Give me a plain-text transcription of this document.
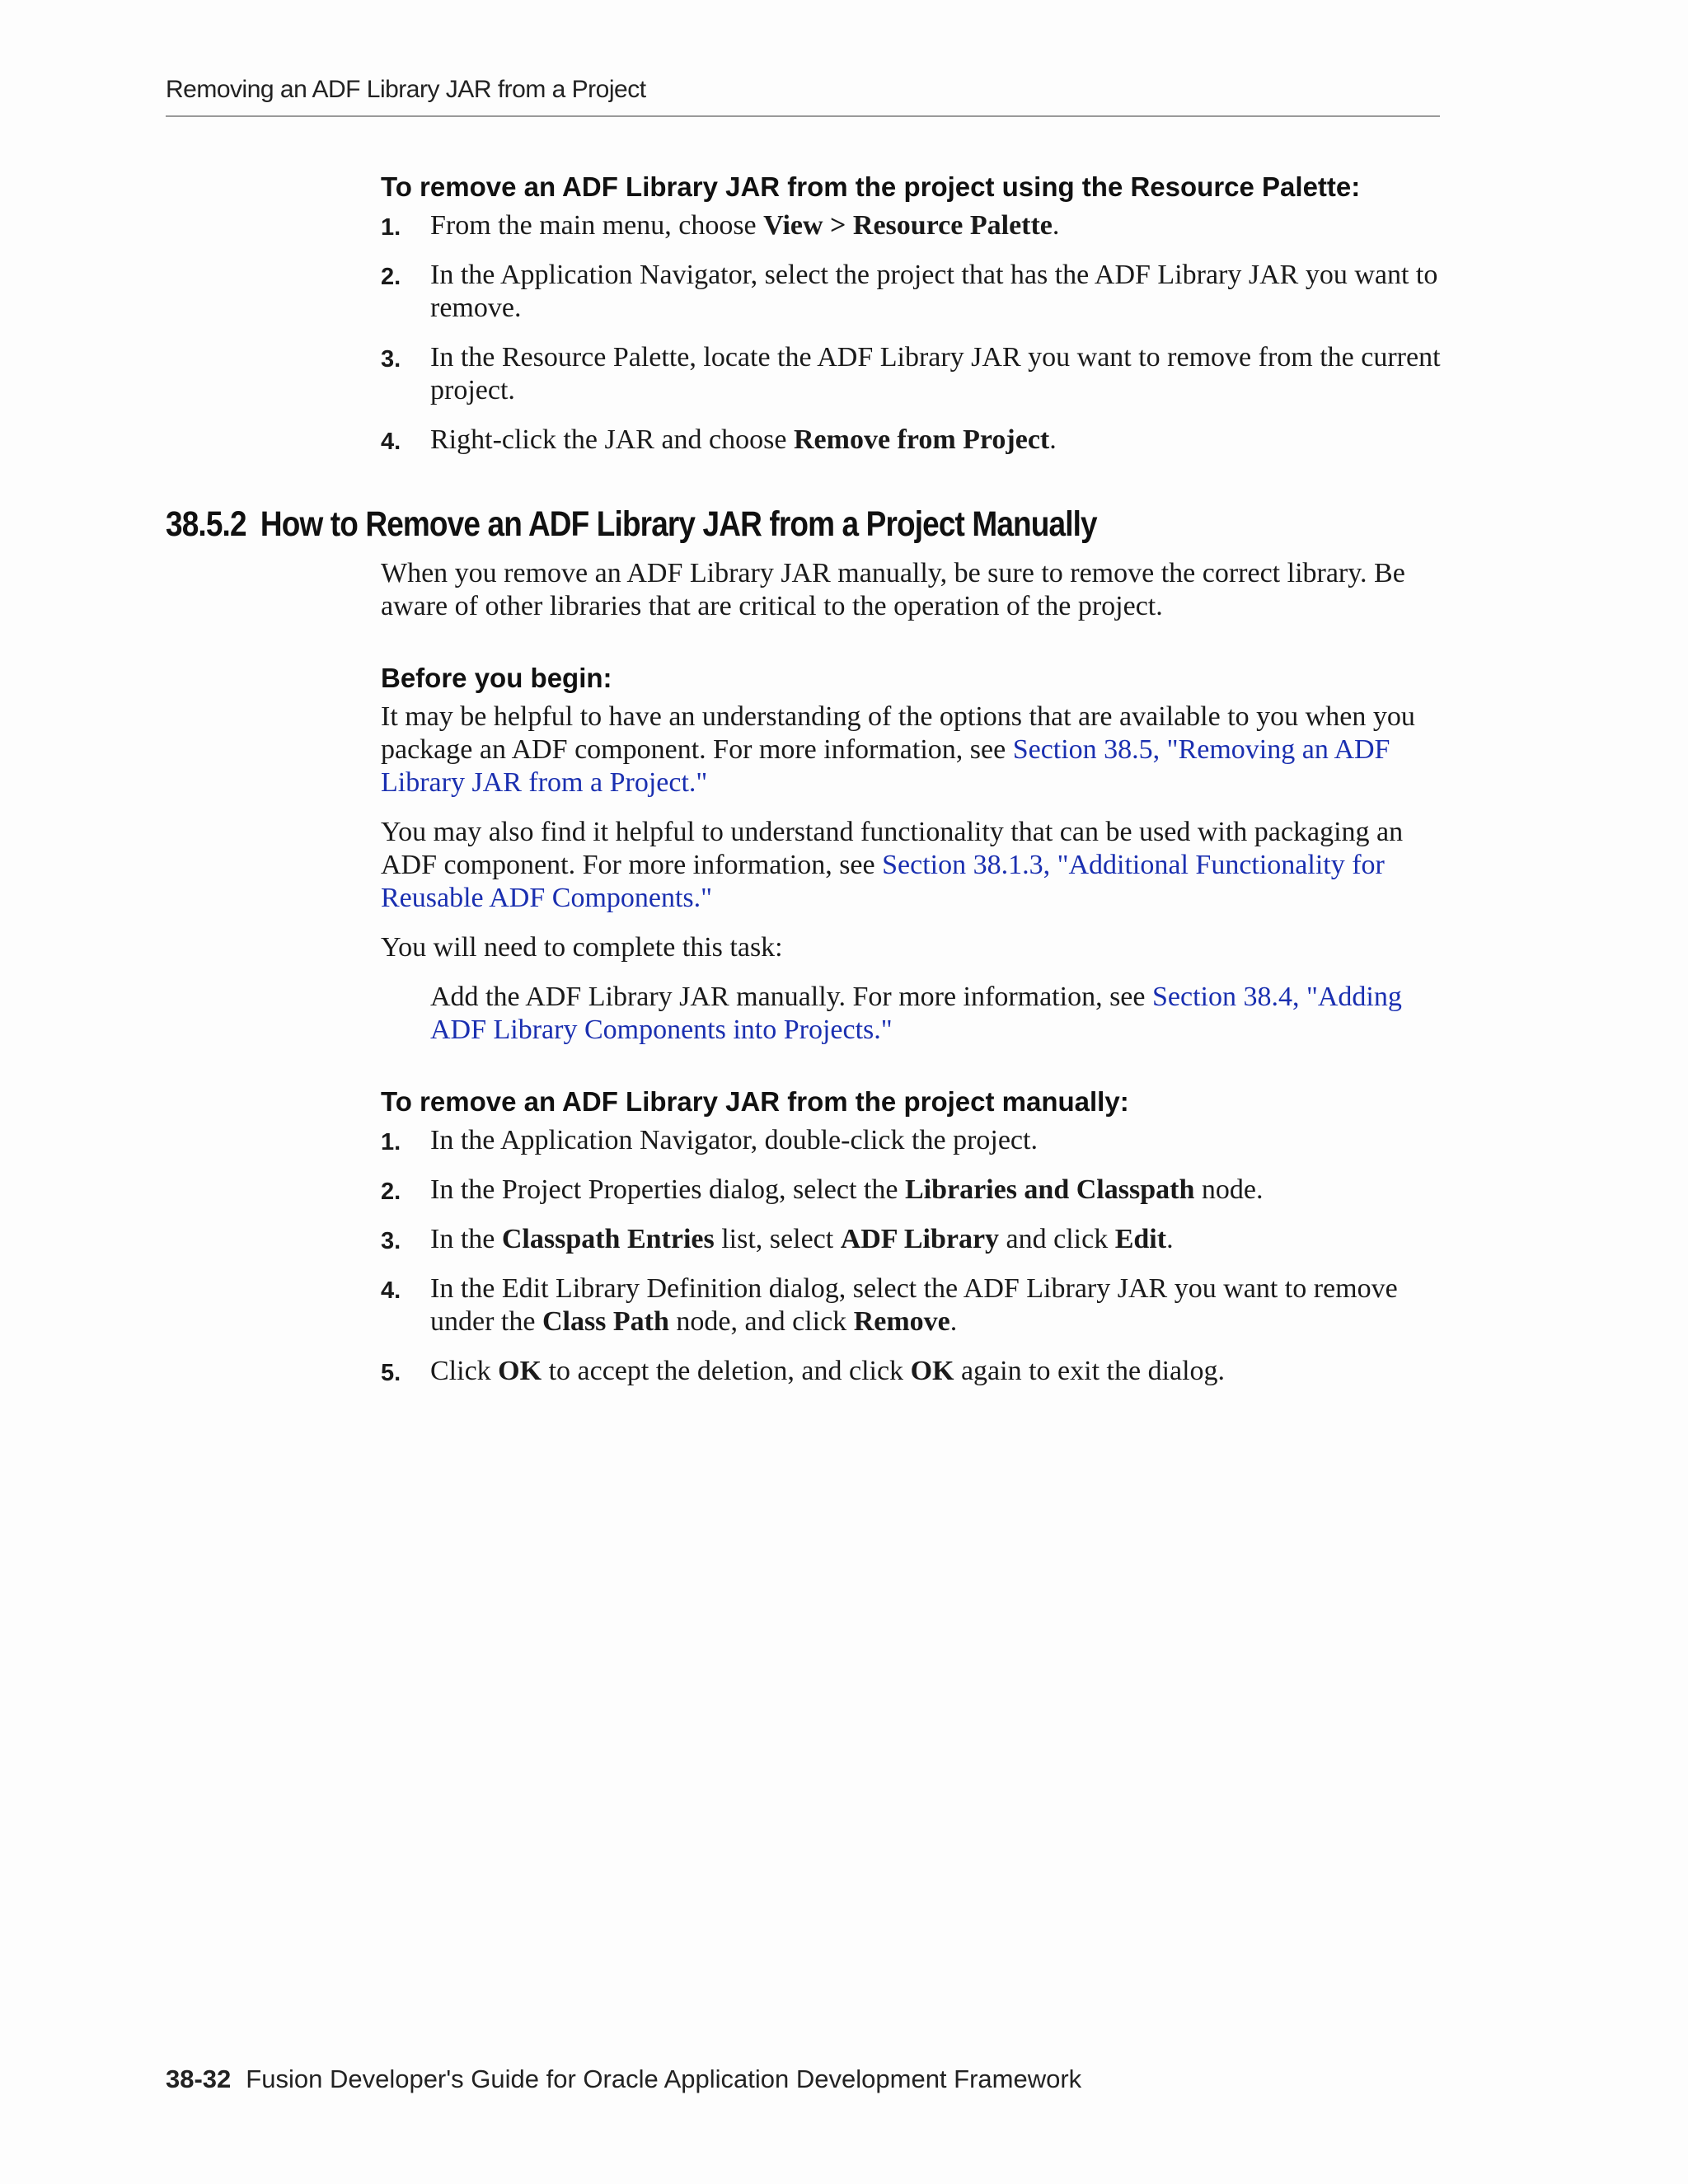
Removing an ADF Library JAR from a Project
To remove an ADF Library JAR from the project using the Resource Palette:
1. From the main menu, choose View > Resource Palette.
2. In the Application Navigator, select the project that has the ADF Library JAR you want to remove.
3. In the Resource Palette, locate the ADF Library JAR you want to remove from the current project.
4. Right-click the JAR and choose Remove from Project.
38.5.2 How to Remove an ADF Library JAR from a Project Manually

When you remove an ADF Library JAR manually, be sure to remove the correct library. Be aware of other libraries that are critical to the operation of the project.

Before you begin:

It may be helpful to have an understanding of the options that are available to you when you package an ADF component. For more information, see Section 38.5, "Removing an ADF Library JAR from a Project."

You may also find it helpful to understand functionality that can be used with packaging an ADF component. For more information, see Section 38.1.3, "Additional Functionality for Reusable ADF Components."

You will need to complete this task:

Add the ADF Library JAR manually. For more information, see Section 38.4, "Adding ADF Library Components into Projects."

To remove an ADF Library JAR from the project manually:
1. In the Application Navigator, double-click the project.
2. In the Project Properties dialog, select the Libraries and Classpath node.
3. In the Classpath Entries list, select ADF Library and click Edit.
4. In the Edit Library Definition dialog, select the ADF Library JAR you want to remove under the Class Path node, and click Remove.
5. Click OK to accept the deletion, and click OK again to exit the dialog.
38-32 Fusion Developer's Guide for Oracle Application Development Framework
